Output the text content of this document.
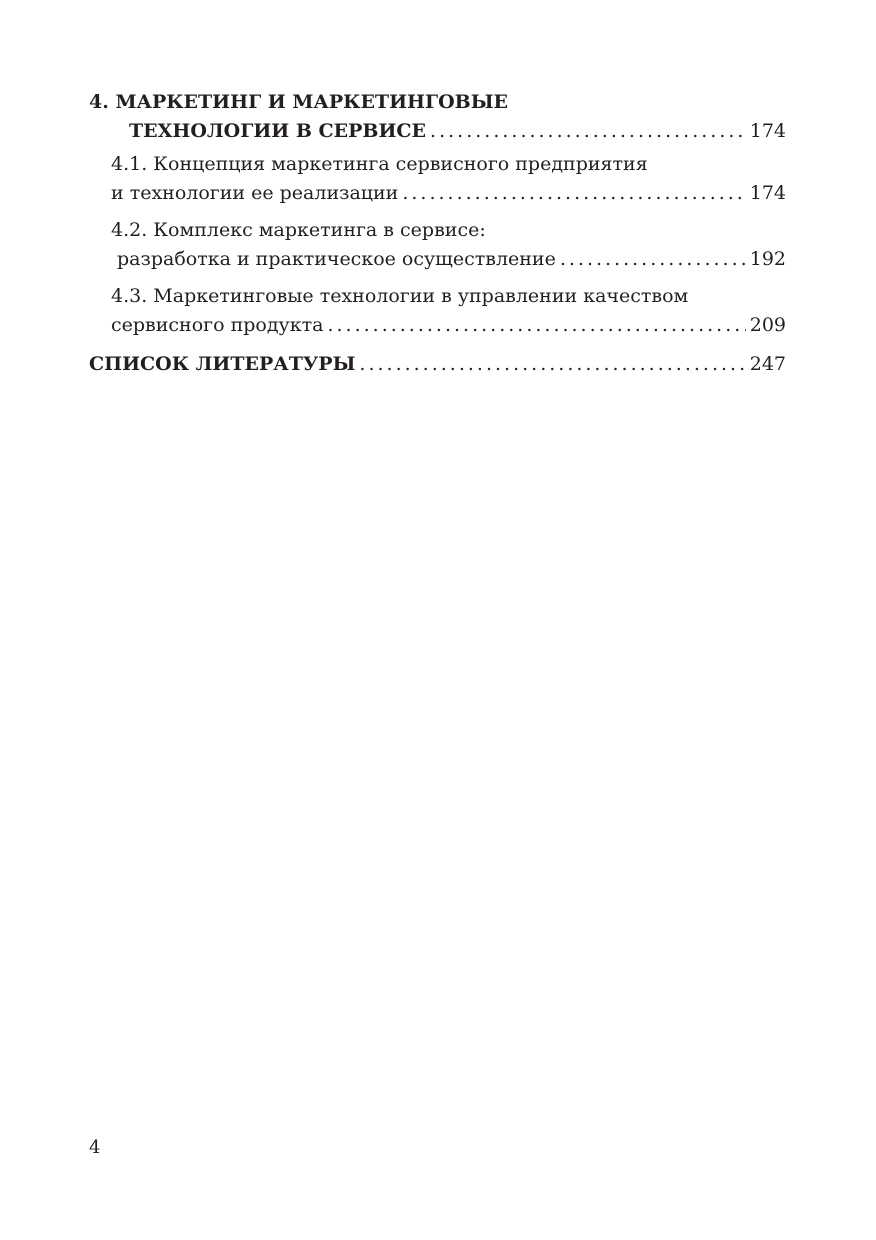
4.
МАРКЕТИНГ И МАРКЕТИНГОВЫЕ
ТЕХНОЛОГИИ В СЕРВИСЕ .....	174
4.1. Концепция маркетинга сервисного предприятия
и технологии ее реализации .....	174
4.2. Комплекс маркетинга в сервисе:
разработка и практическое осуществление .....	192
4.3. Маркетинговые технологии в управлении качеством
сервисного продукта .....	209
СПИСОК ЛИТЕРАТУРЫ .....	247
4
